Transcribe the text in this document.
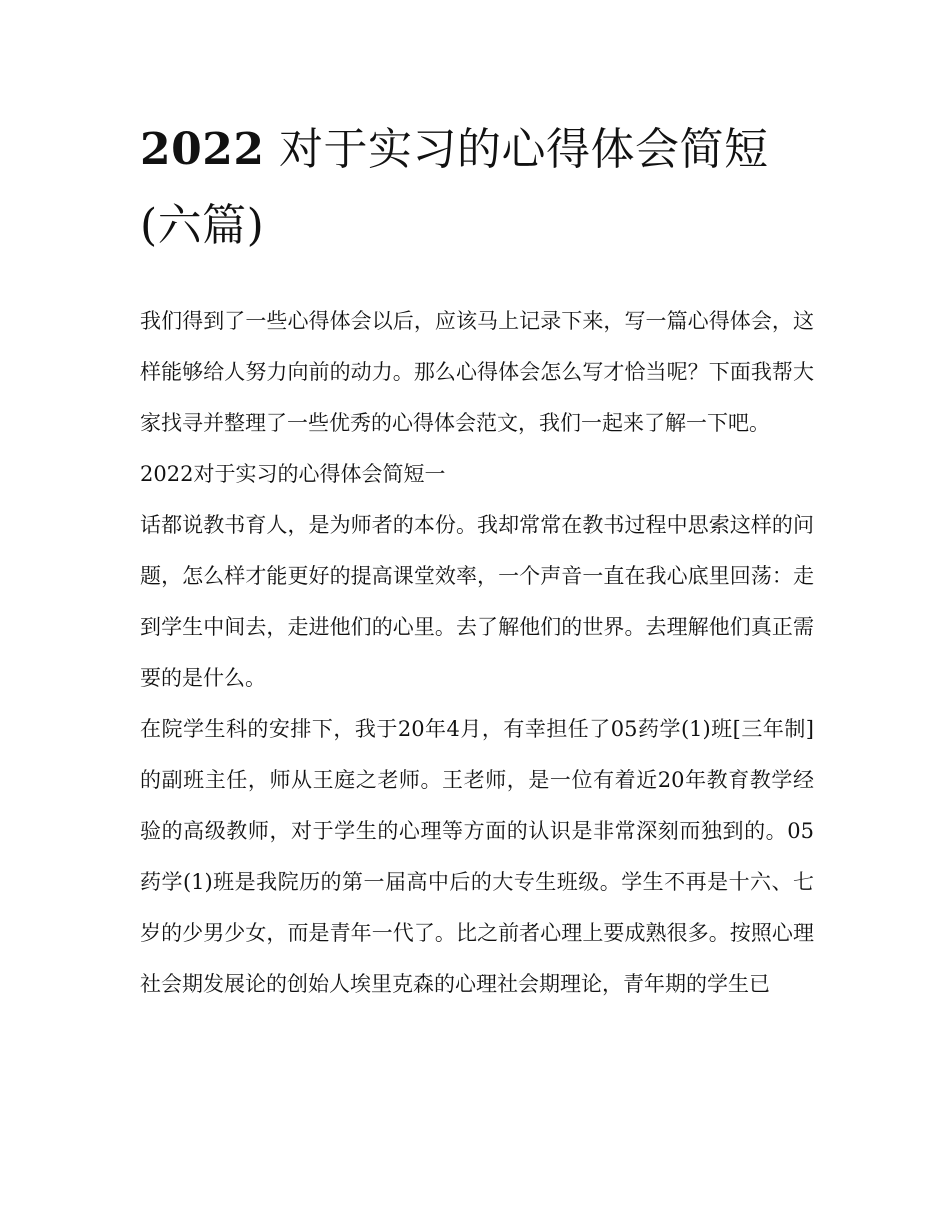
2022 对于实习的心得体会简短(六篇)

我们得到了一些心得体会以后，应该马上记录下来，写一篇心得体会，这样能够给人努力向前的动力。那么心得体会怎么写才恰当呢？下面我帮大家找寻并整理了一些优秀的心得体会范文，我们一起来了解一下吧。

2022对于实习的心得体会简短一

话都说教书育人，是为师者的本份。我却常常在教书过程中思索这样的问题，怎么样才能更好的提高课堂效率，一个声音一直在我心底里回荡：走到学生中间去，走进他们的心里。去了解他们的世界。去理解他们真正需要的是什么。

在院学生科的安排下，我于20年4月，有幸担任了05药学(1)班[三年制]的副班主任，师从王庭之老师。王老师，是一位有着近20年教育教学经验的高级教师，对于学生的心理等方面的认识是非常深刻而独到的。05药学(1)班是我院历的第一届高中后的大专生班级。学生不再是十六、七岁的少男少女，而是青年一代了。比之前者心理上要成熟很多。按照心理社会期发展论的创始人埃里克森的心理社会期理论，青年期的学生已
